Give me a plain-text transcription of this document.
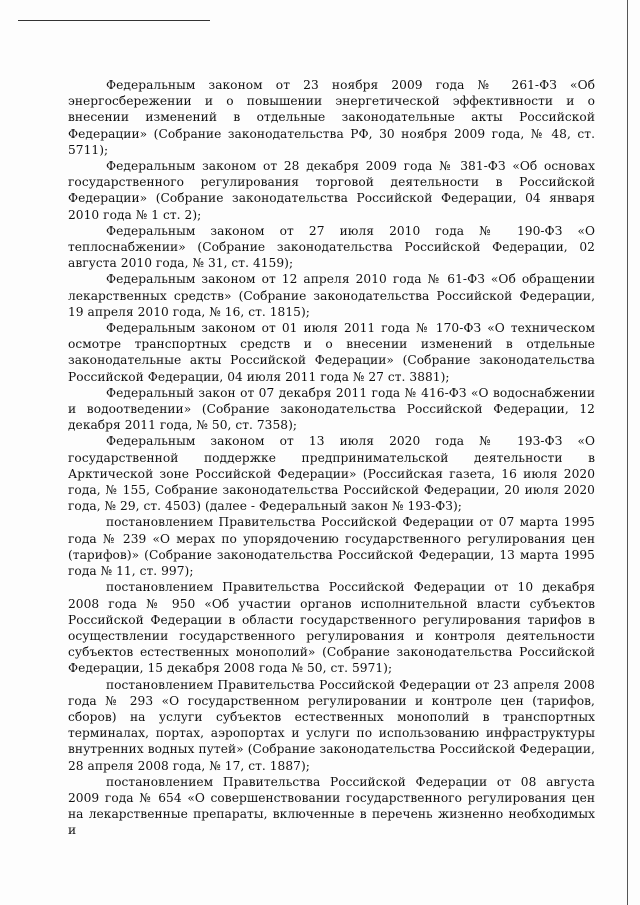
Федеральным законом от 23 ноября 2009 года № 261-ФЗ «Об энергосбережении и о повышении энергетической эффективности и о внесении изменений в отдельные законодательные акты Российской Федерации» (Собрание законодательства РФ, 30 ноября 2009 года, № 48, ст. 5711);

Федеральным законом от 28 декабря 2009 года № 381-ФЗ «Об основах государственного регулирования торговой деятельности в Российской Федерации» (Собрание законодательства Российской Федерации, 04 января 2010 года № 1 ст. 2);

Федеральным законом от 27 июля 2010 года № 190-ФЗ «О теплоснабжении» (Собрание законодательства Российской Федерации, 02 августа 2010 года, № 31, ст. 4159);

Федеральным законом от 12 апреля 2010 года № 61-ФЗ «Об обращении лекарственных средств» (Собрание законодательства Российской Федерации, 19 апреля 2010 года, № 16, ст. 1815);

Федеральным законом от 01 июля 2011 года № 170-ФЗ «О техническом осмотре транспортных средств и о внесении изменений в отдельные законодательные акты Российской Федерации» (Собрание законодательства Российской Федерации, 04 июля 2011 года № 27 ст. 3881);

Федеральный закон от 07 декабря 2011 года № 416-ФЗ «О водоснабжении и водоотведении» (Собрание законодательства Российской Федерации, 12 декабря 2011 года, № 50, ст. 7358);

Федеральным законом от 13 июля 2020 года № 193-ФЗ «О государственной поддержке предпринимательской деятельности в Арктической зоне Российской Федерации» (Российская газета, 16 июля 2020 года, № 155, Собрание законодательства Российской Федерации, 20 июля 2020 года, № 29, ст. 4503) (далее - Федеральный закон № 193-ФЗ);

постановлением Правительства Российской Федерации от 07 марта 1995 года № 239 «О мерах по упорядочению государственного регулирования цен (тарифов)» (Собрание законодательства Российской Федерации, 13 марта 1995 года № 11, ст. 997);

постановлением Правительства Российской Федерации от 10 декабря 2008 года № 950 «Об участии органов исполнительной власти субъектов Российской Федерации в области государственного регулирования тарифов в осуществлении государственного регулирования и контроля деятельности субъектов естественных монополий» (Собрание законодательства Российской Федерации, 15 декабря 2008 года № 50, ст. 5971);

постановлением Правительства Российской Федерации от 23 апреля 2008 года № 293 «О государственном регулировании и контроле цен (тарифов, сборов) на услуги субъектов естественных монополий в транспортных терминалах, портах, аэропортах и услуги по использованию инфраструктуры внутренних водных путей» (Собрание законодательства Российской Федерации, 28 апреля 2008 года, № 17, ст. 1887);

постановлением Правительства Российской Федерации от 08 августа 2009 года № 654 «О совершенствовании государственного регулирования цен на лекарственные препараты, включенные в перечень жизненно необходимых и
